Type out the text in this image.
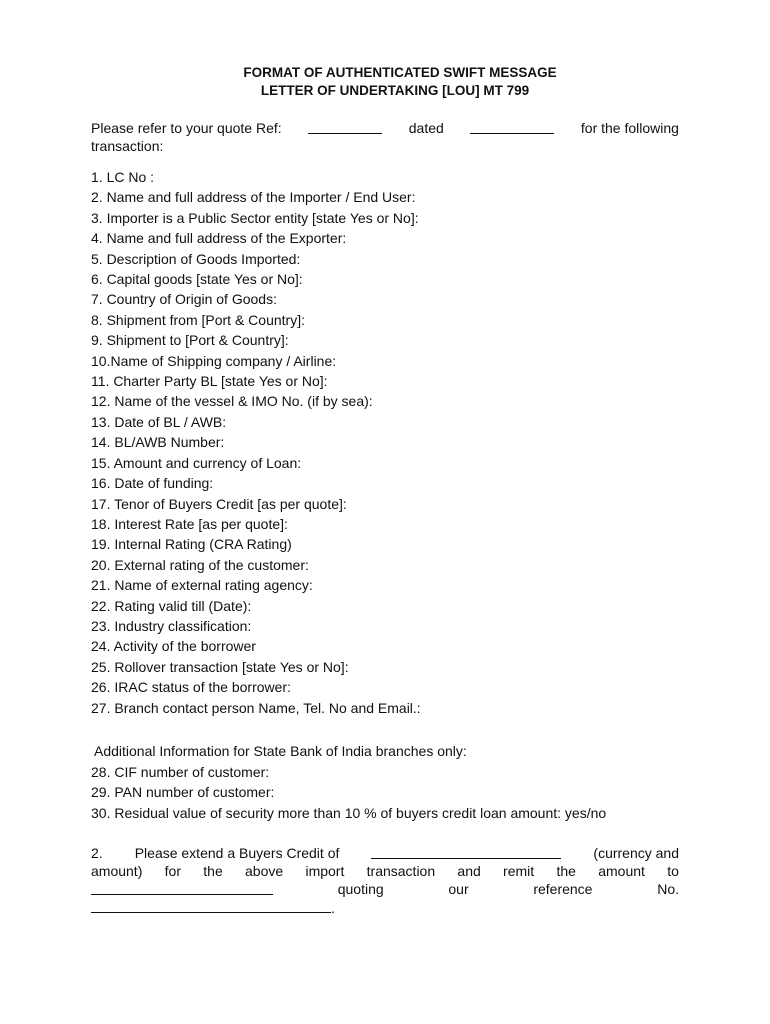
FORMAT OF AUTHENTICATED SWIFT MESSAGE
LETTER OF UNDERTAKING [LOU] MT 799
Please refer to your quote Ref:	dated	for the following
transaction:
1. LC No :
2. Name and full address of the Importer / End User:
3. Importer is a Public Sector entity [state Yes or No]:
4. Name and full address of the Exporter:
5. Description of Goods Imported:
6. Capital goods [state Yes or No]:
7. Country of Origin of Goods:
8. Shipment from [Port & Country]:
9. Shipment to [Port & Country]:
10.Name of Shipping company / Airline:
11. Charter Party BL [state Yes or No]:
12. Name of the vessel & IMO No. (if by sea):
13. Date of BL / AWB:
14. BL/AWB Number:
15. Amount and currency of Loan:
16. Date of funding:
17. Tenor of Buyers Credit [as per quote]:
18. Interest Rate [as per quote]:
19. Internal Rating (CRA Rating)
20. External rating of the customer:
21. Name of external rating agency:
22. Rating valid till (Date):
23. Industry classification:
24. Activity of the borrower
25. Rollover transaction [state Yes or No]:
26. IRAC status of the borrower:
27. Branch contact person Name, Tel. No and Email.:
Additional Information for State Bank of India branches only:
28. CIF number of customer:
29. PAN number of customer:
30. Residual value of security more than 10 % of buyers credit loan amount: yes/no
2. Please extend a Buyers Credit of	(currency and
amount) for the above import transaction and remit the amount to
quoting	our	reference	No.
.
